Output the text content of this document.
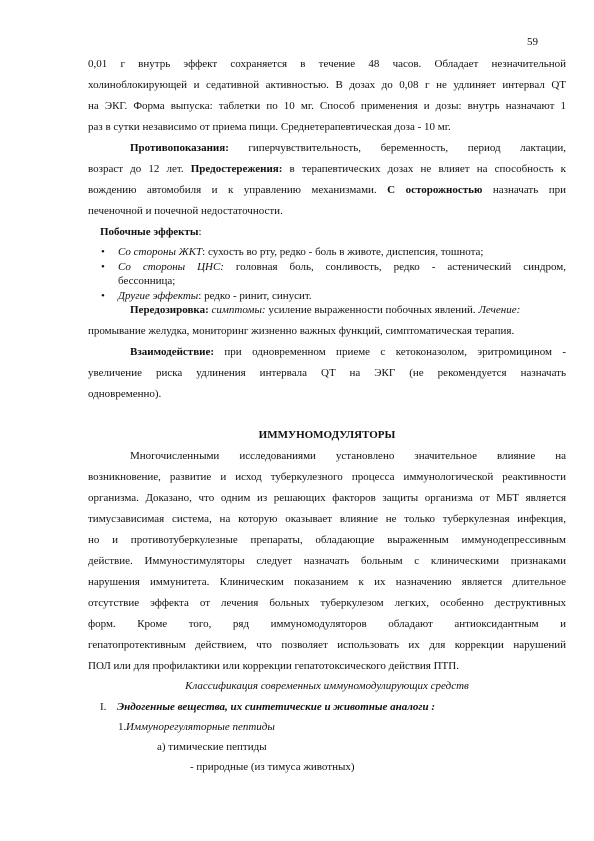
59
0,01 г внутрь эффект сохраняется в течение 48 часов. Обладает незначительной
холиноблокирующей и седативной активностью. В дозах до 0,08 г не удлиняет интервал QT
на ЭКГ. Форма выпуска: таблетки по 10 мг. Способ применения и дозы: внутрь назначают 1
раз в сутки независимо от приема пищи. Среднетерапевтическая доза - 10 мг.
Противопоказания: гиперчувствительность, беременность, период лактации,
возраст до 12 лет. Предостережения: в терапевтических дозах не влияет на способность к
вождению автомобиля и к управлению механизмами. С осторожностью назначать при
печеночной и почечной недостаточности.
Побочные эффекты:
• Со стороны ЖКТ: сухость во рту, редко - боль в животе, диспепсия, тошнота;
• Со стороны ЦНС: головная боль, сонливость, редко - астенический синдром,
бессонница;
• Другие эффекты: редко - ринит, синусит.
Передозировка: симптомы: усиление выраженности побочных явлений. Лечение:
промывание желудка, мониторинг жизненно важных функций, симптоматическая терапия.
Взаимодействие: при одновременном приеме с кетоконазолом, эритромицином -
увеличение риска удлинения интервала QT на ЭКГ (не рекомендуется назначать
одновременно).
ИММУНОМОДУЛЯТОРЫ
Многочисленными исследованиями установлено значительное влияние на
возникновение, развитие и исход туберкулезного процесса иммунологической реактивности
организма. Доказано, что одним из решающих факторов защиты организма от МБТ является
тимусзависимая система, на которую оказывает влияние не только туберкулезная инфекция,
но и противотуберкулезные препараты, обладающие выраженным иммунодепрессивным
действие. Иммуностимуляторы следует назначать больным с клиническими признаками
нарушения иммунитета. Клиническим показанием к их назначению является длительное
отсутствие эффекта от лечения больных туберкулезом легких, особенно деструктивных
форм. Кроме того, ряд иммуномодуляторов обладают антиоксидантным и
гепатопротективным действием, что позволяет использовать их для коррекции нарушений
ПОЛ или для профилактики или коррекции гепатотоксического действия ПТП.
Классификация современных иммуномодулирующих средств
I. Эндогенные вещества, их синтетические и животные аналоги :
1. Иммунорегуляторные пептиды
а) тимические пептиды
- природные (из тимуса животных)
